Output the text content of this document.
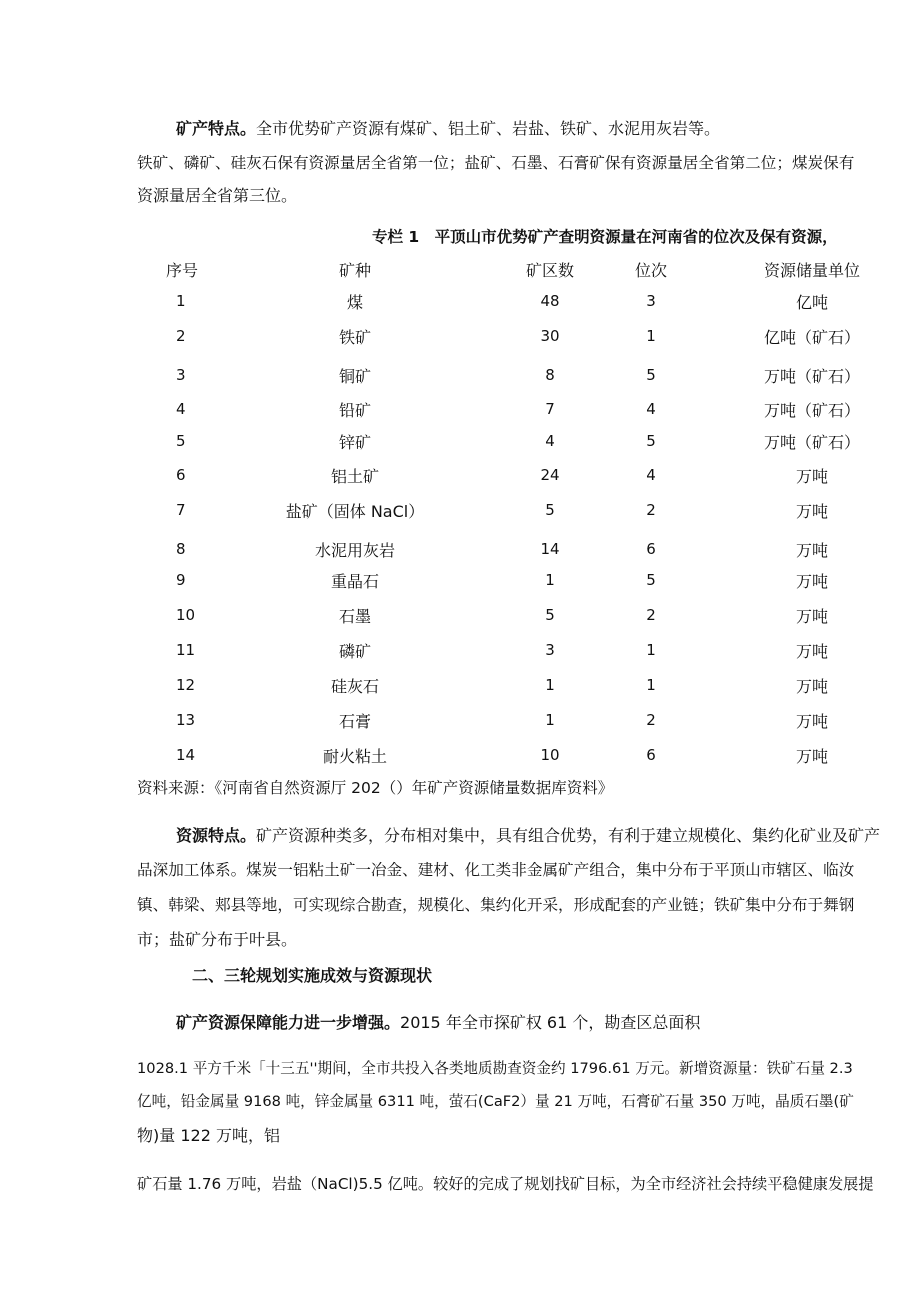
矿产特点。全市优势矿产资源有煤矿、铝土矿、岩盐、铁矿、水泥用灰岩等。
铁矿、磷矿、硅灰石保有资源量居全省第一位；盐矿、石墨、石膏矿保有资源量居全省第二位；煤炭保有
资源量居全省第三位。
专栏 1　平顶山市优势矿产查明资源量在河南省的位次及保有资源，
序号	矿种	矿区数	位次	资源储量单位
1	煤	48	3	亿吨
2	铁矿	30	1	亿吨（矿石）
3	铜矿	8	5	万吨（矿石）
4	铅矿	7	4	万吨（矿石）
5	锌矿	4	5	万吨（矿石）
6	铝土矿	24	4	万吨
7	盐矿（固体 NaCl）	5	2	万吨
8	水泥用灰岩	14	6	万吨
9	重晶石	1	5	万吨
10	石墨	5	2	万吨
11	磷矿	3	1	万吨
12	硅灰石	1	1	万吨
13	石膏	1	2	万吨
14	耐火粘土	10	6	万吨
资料来源：《河南省自然资源厅 202（）年矿产资源储量数据库资料》
资源特点。矿产资源种类多，分布相对集中，具有组合优势，有利于建立规模化、集约化矿业及矿产
品深加工体系。煤炭一铝粘土矿一冶金、建材、化工类非金属矿产组合，集中分布于平顶山市辖区、临汝
镇、韩梁、郏县等地，可实现综合勘查，规模化、集约化开采，形成配套的产业链；铁矿集中分布于舞钢
市；盐矿分布于叶县。
二、三轮规划实施成效与资源现状
矿产资源保障能力进一步增强。2015 年全市探矿权 61 个，勘查区总面积
1028.1 平方千米「十三五''期间，全市共投入各类地质勘查资金约 1796.61 万元。新增资源量：铁矿石量 2.3
亿吨，铅金属量 9168 吨，锌金属量 6311 吨，萤石(CaF2）量 21 万吨，石膏矿石量 350 万吨，晶质石墨(矿
物)量 122 万吨，铝
矿石量 1.76 万吨，岩盐（NaCl)5.5 亿吨。较好的完成了规划找矿目标，为全市经济社会持续平稳健康发展提
